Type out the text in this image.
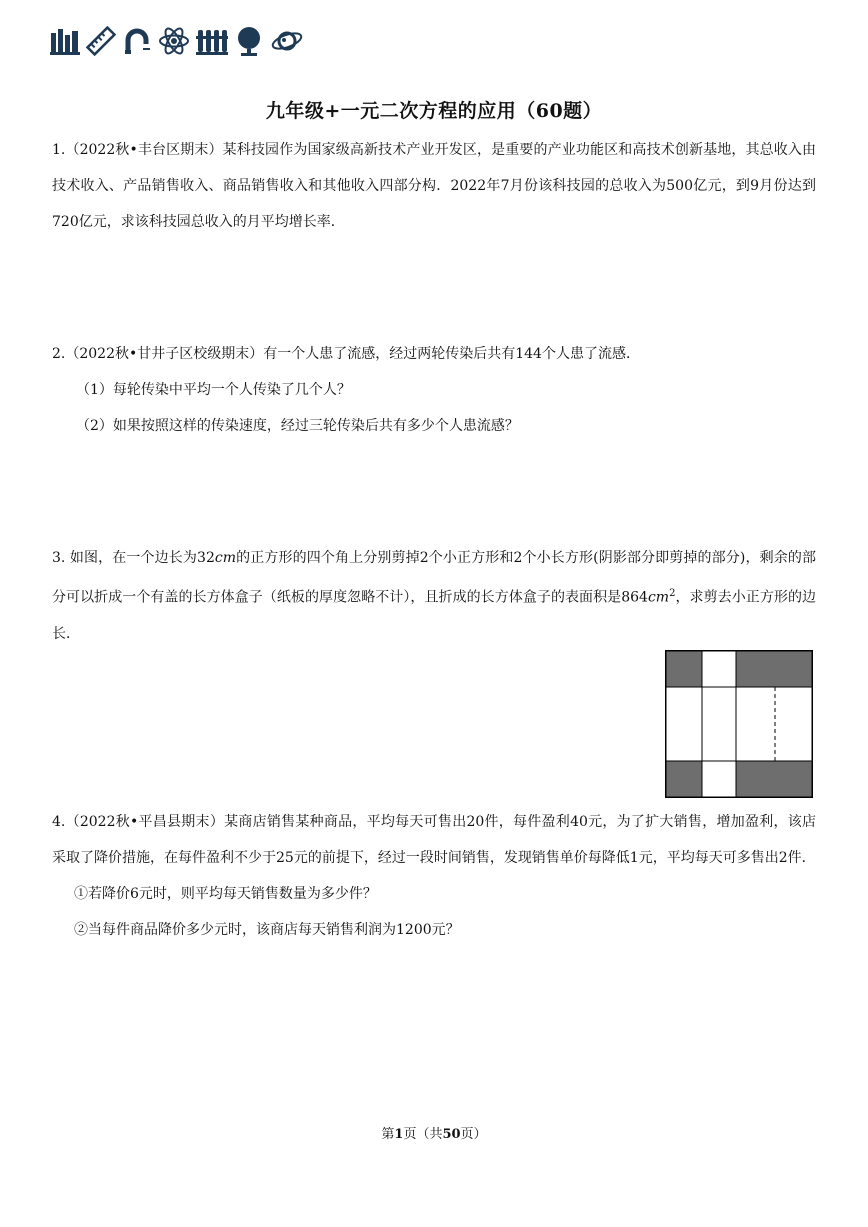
九年级+一元二次方程的应用（60题）

1.（2022秋•丰台区期末）某科技园作为国家级高新技术产业开发区，是重要的产业功能区和高技术创新基地，其总收入由技术收入、产品销售收入、商品销售收入和其他收入四部分构．2022年7月份该科技园的总收入为500亿元，到9月份达到720亿元，求该科技园总收入的月平均增长率．

2.（2022秋•甘井子区校级期末）有一个人患了流感，经过两轮传染后共有144个人患了流感．

（1）每轮传染中平均一个人传染了几个人？

（2）如果按照这样的传染速度，经过三轮传染后共有多少个人患流感？

3. 如图，在一个边长为32cm的正方形的四个角上分别剪掉2个小正方形和2个小长方形(阴影部分即剪掉的部分)，剩余的部分可以折成一个有盖的长方体盒子（纸板的厚度忽略不计），且折成的长方体盒子的表面积是$864cm^2$，求剪去小正方形的边长．

4.（2022秋•平昌县期末）某商店销售某种商品，平均每天可售出20件，每件盈利40元，为了扩大销售，增加盈利，该店采取了降价措施，在每件盈利不少于25元的前提下，经过一段时间销售，发现销售单价每降低1元，平均每天可多售出2件．

①若降价6元时，则平均每天销售数量为多少件？

②当每件商品降价多少元时，该商店每天销售利润为1200元？

第1页（共50页）
